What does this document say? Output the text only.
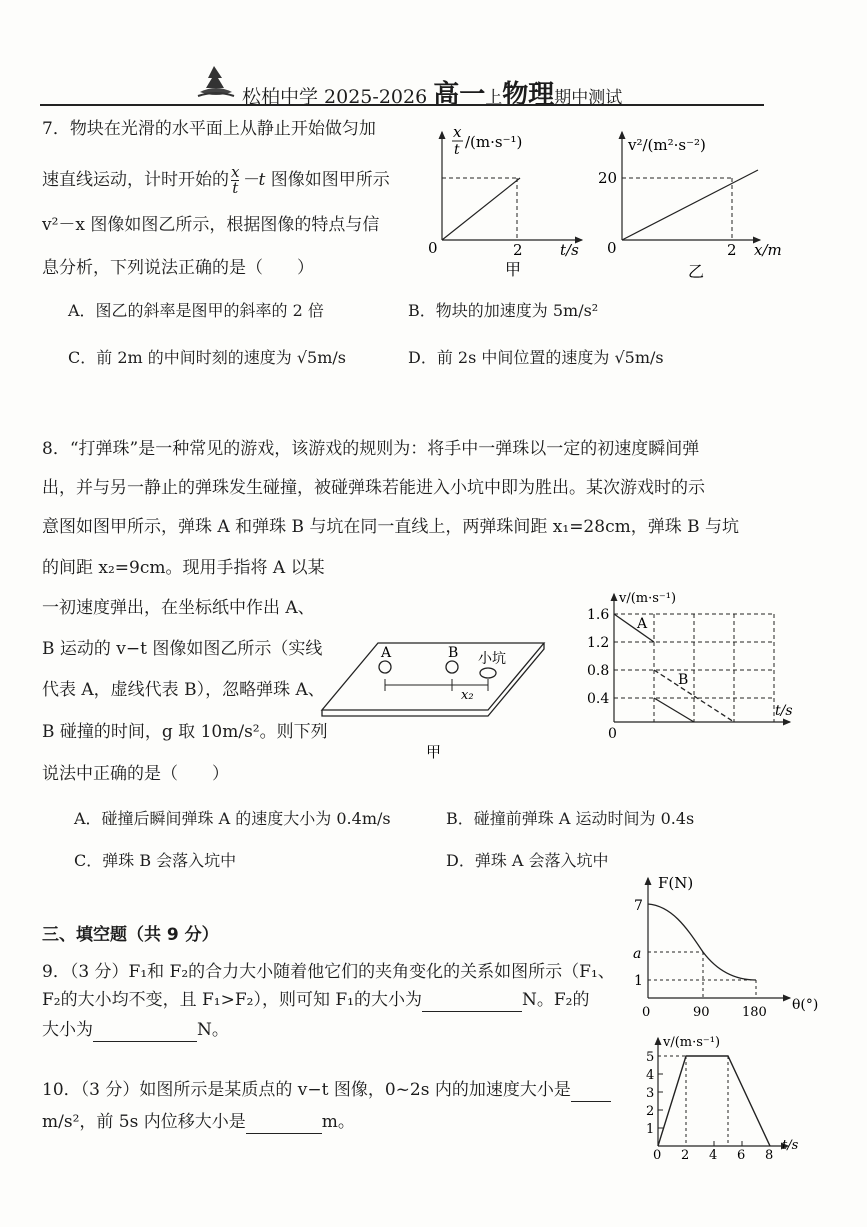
松柏中学 2025-2026 高一上物理期中测试
7．物块在光滑的水平面上从静止开始做匀加
速直线运动，计时开始的 $\frac{x}{t} -t$ 图像如图甲所示
v²－x 图像如图乙所示，根据图像的特点与信
息分析，下列说法正确的是（　　）
A．图乙的斜率是图甲的斜率的 2 倍	B．物块的加速度为 5m/s²
C．前 2m 的中间时刻的速度为 √5m/s	D．前 2s 中间位置的速度为 √5m/s
x
t /(m·s⁻¹)
0	2 t/s
甲
v²/(m²·s⁻²)
20
0	2 x/m
乙
8．“打弹珠”是一种常见的游戏，该游戏的规则为：将手中一弹珠以一定的初速度瞬间弹
出，并与另一静止的弹珠发生碰撞，被碰弹珠若能进入小坑中即为胜出。某次游戏时的示
意图如图甲所示，弹珠 A 和弹珠 B 与坑在同一直线上，两弹珠间距 x₁=28cm，弹珠 B 与坑
的间距 x₂=9cm。现用手指将 A 以某
一初速度弹出，在坐标纸中作出 A、
B 运动的 v−t 图像如图乙所示（实线
代表 A，虚线代表 B），忽略弹珠 A、
B 碰撞的时间，g 取 10m/s²。则下列
说法中正确的是（　　）
A．碰撞后瞬间弹珠 A 的速度大小为 0.4m/s	B．碰撞前弹珠 A 运动时间为 0.4s
C．弹珠 B 会落入坑中	D．弹珠 A 会落入坑中
A	B 小坑
x₂
甲
v/(m·s⁻¹)
1.6
1.2
0.8
0.4
0
t/s
A
B
三、填空题（共 9 分）
9．（3 分）F₁和 F₂的合力大小随着他它们的夹角变化的关系如图所示（F₁、
F₂的大小均不变，且 F₁>F₂），则可知 F₁的大小为	N。F₂的
大小为	N。
F(N)
θ(°)
7
a
1
0	90 180
10．（3 分）如图所示是某质点的 v−t 图像，0~2s 内的加速度大小是
m/s²，前 5s 内位移大小是	m。
v/(m·s⁻¹)
t/s
5
4
3
2
1
0 2 4 6 8
